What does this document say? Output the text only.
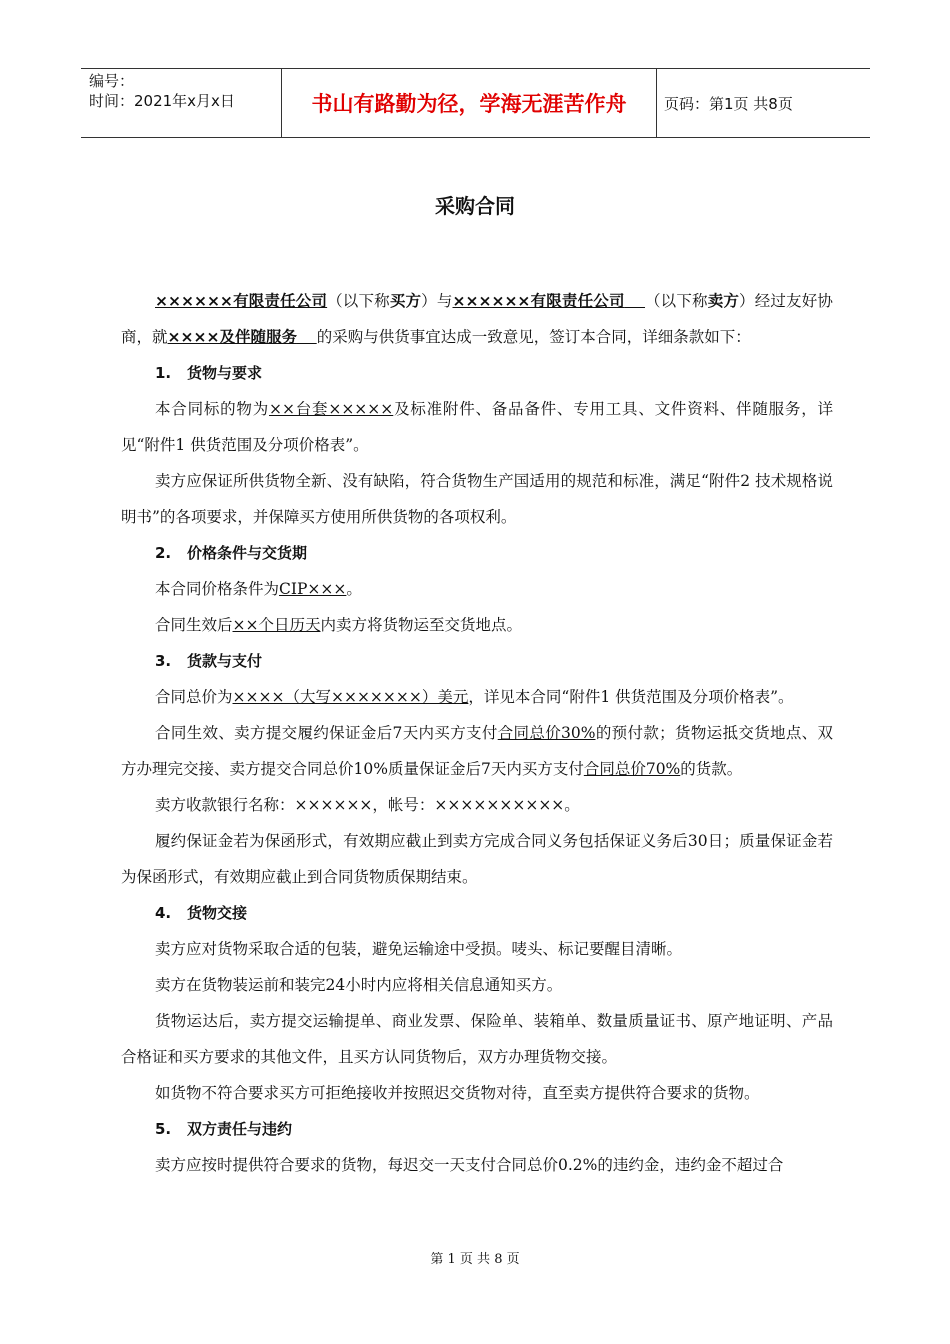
编号：
时间：2021年x月x日	书山有路勤为径，学海无涯苦作舟	页码：第1页 共8页
采购合同

××××××有限责任公司（以下称买方）与××××××有限责任公司 （以下称卖方）经过友好协商，就××××及伴随服务 的采购与供货事宜达成一致意见，签订本合同，详细条款如下：

1. 货物与要求

本合同标的物为××台套×××××及标准附件、备品备件、专用工具、文件资料、伴随服务，详见“附件1 供货范围及分项价格表”。

卖方应保证所供货物全新、没有缺陷，符合货物生产国适用的规范和标准，满足“附件2 技术规格说明书”的各项要求，并保障买方使用所供货物的各项权利。

2. 价格条件与交货期

本合同价格条件为CIP×××。

合同生效后××个日历天内卖方将货物运至交货地点。

3. 货款与支付

合同总价为××××（大写×××××××）美元，详见本合同“附件1 供货范围及分项价格表”。

合同生效、卖方提交履约保证金后7天内买方支付合同总价30%的预付款；货物运抵交货地点、双方办理完交接、卖方提交合同总价10%质量保证金后7天内买方支付合同总价70%的货款。

卖方收款银行名称：××××××，帐号：××××××××××。

履约保证金若为保函形式，有效期应截止到卖方完成合同义务包括保证义务后30日；质量保证金若为保函形式，有效期应截止到合同货物质保期结束。

4. 货物交接

卖方应对货物采取合适的包装，避免运输途中受损。唛头、标记要醒目清晰。

卖方在货物装运前和装完24小时内应将相关信息通知买方。

货物运达后，卖方提交运输提单、商业发票、保险单、装箱单、数量质量证书、原产地证明、产品合格证和买方要求的其他文件，且买方认同货物后，双方办理货物交接。

如货物不符合要求买方可拒绝接收并按照迟交货物对待，直至卖方提供符合要求的货物。

5. 双方责任与违约

卖方应按时提供符合要求的货物，每迟交一天支付合同总价0.2%的违约金，违约金不超过合

第 1 页 共 8 页
